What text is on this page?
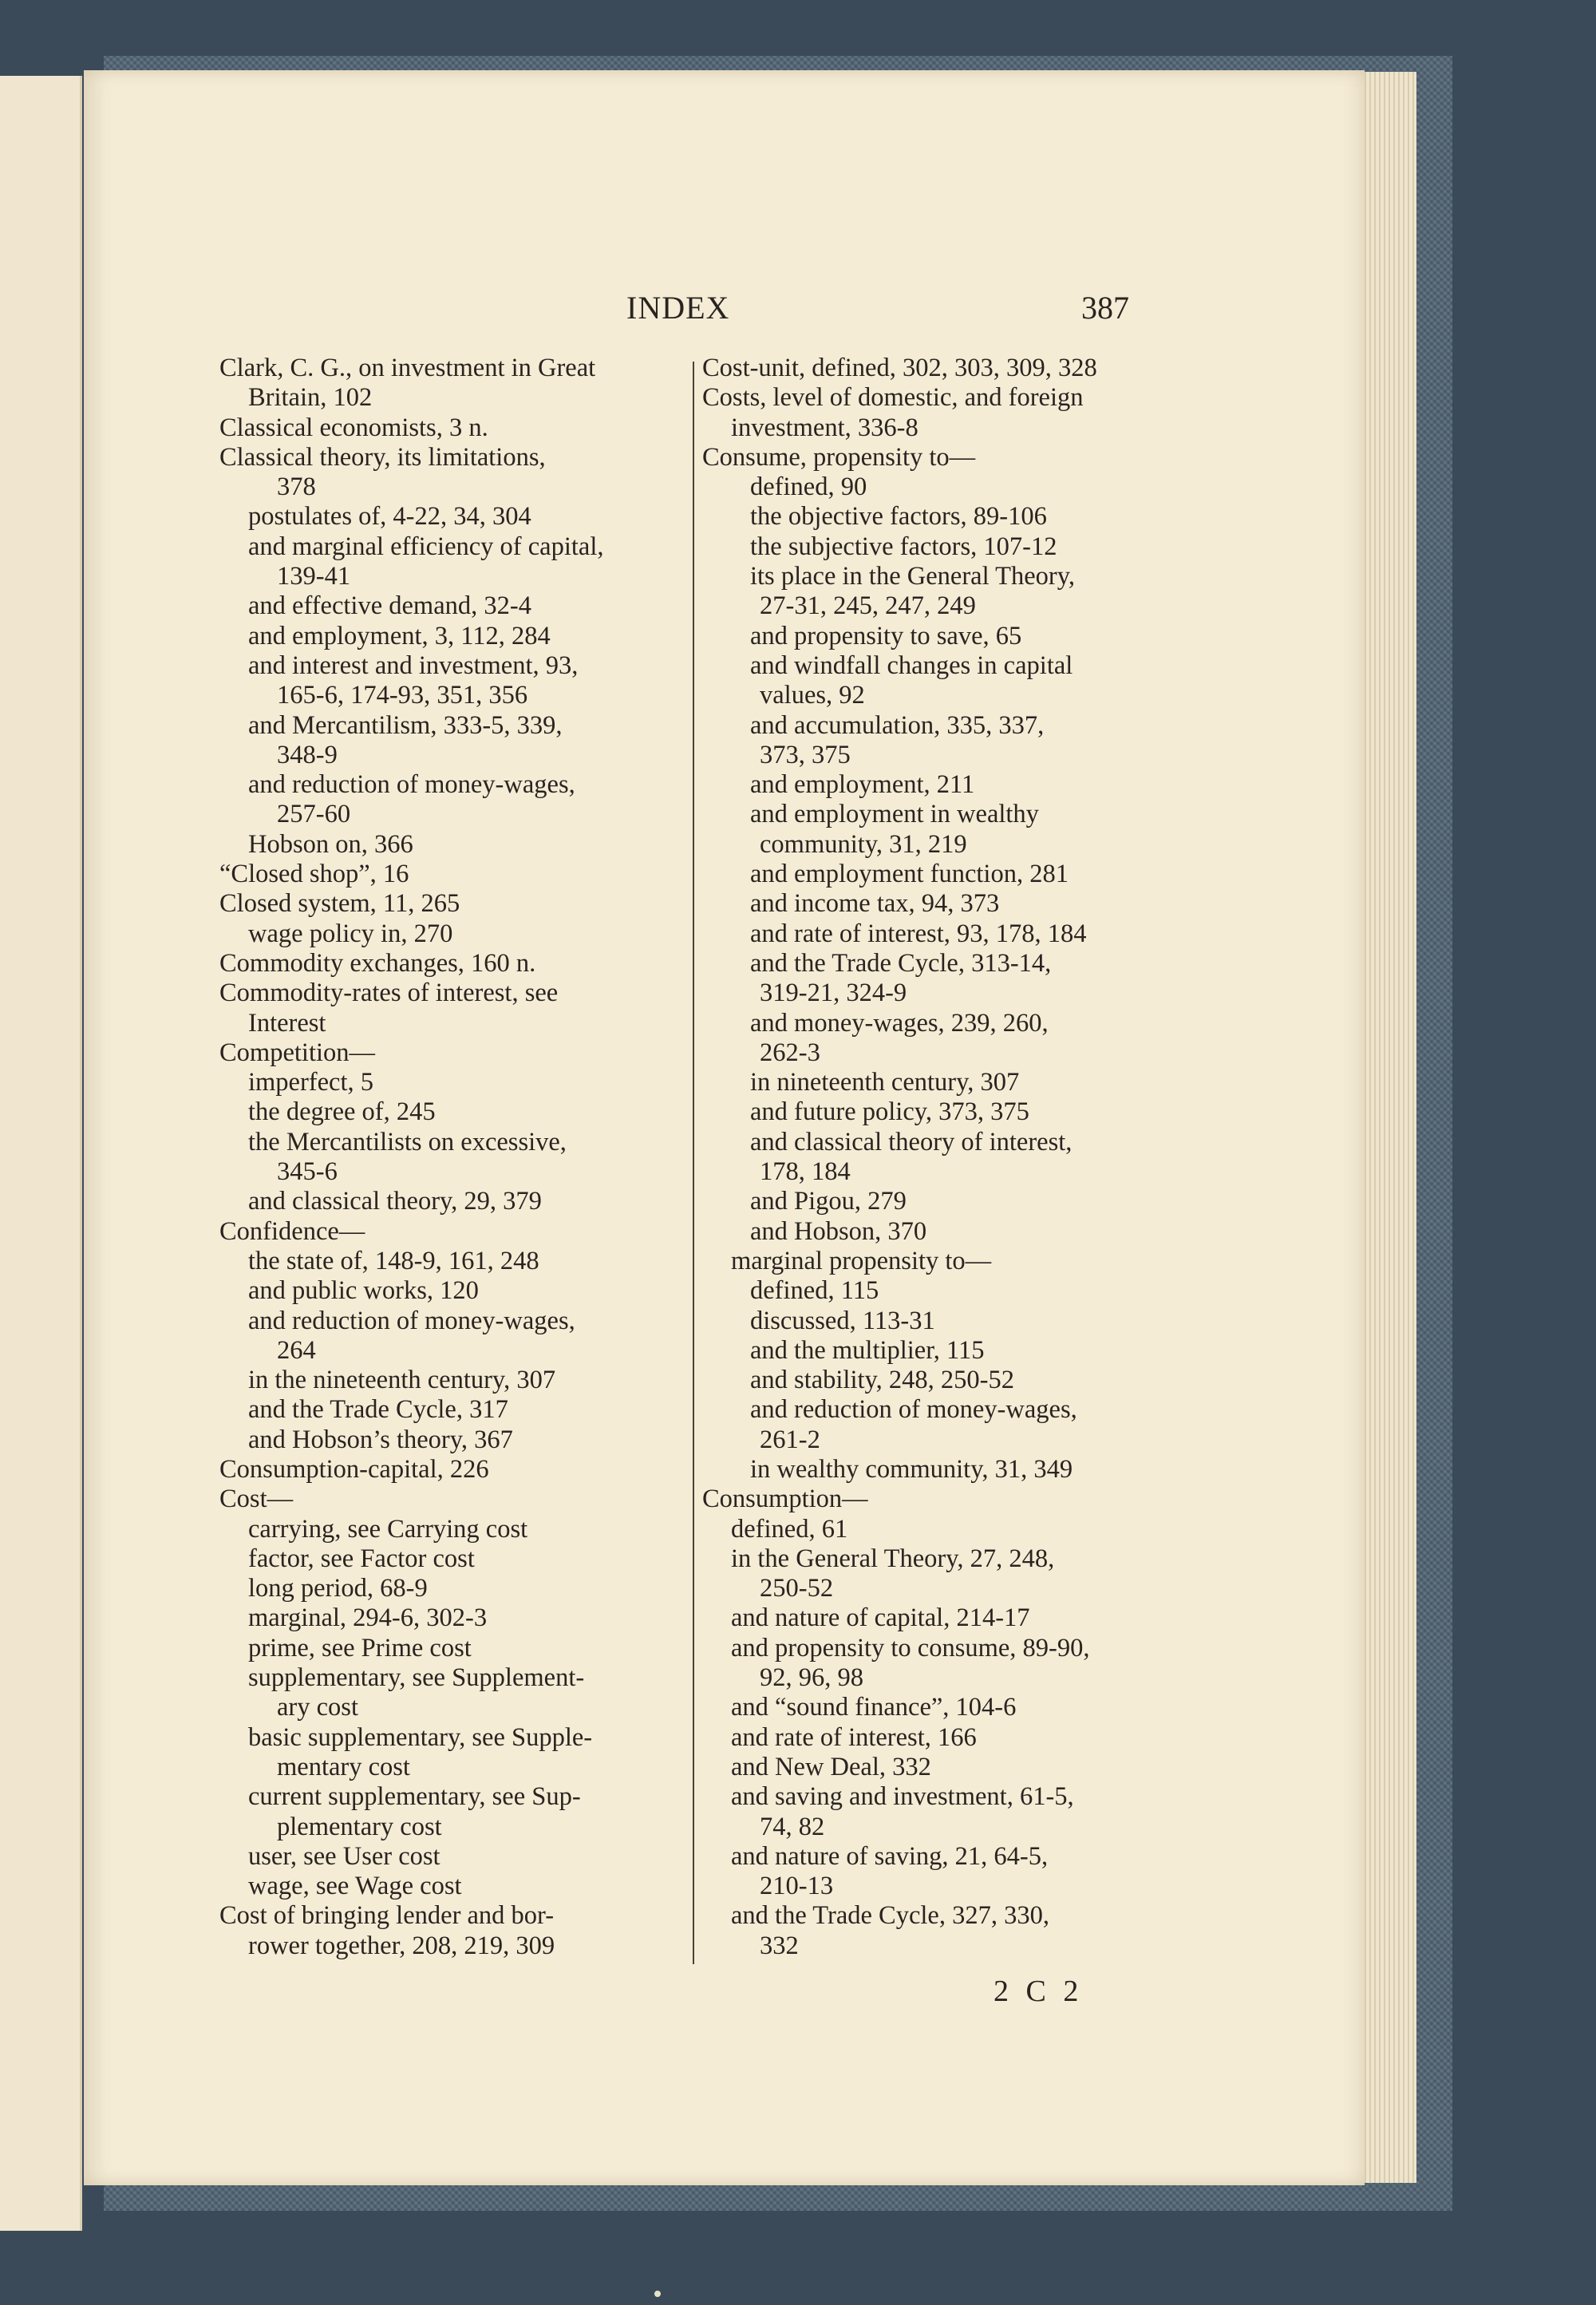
INDEX	387
Clark, C. G., on investment in Great
Britain, 102
Classical economists, 3 n.
Classical theory, its limitations,
378
postulates of, 4-22, 34, 304
and marginal efficiency of capital,
139-41
and effective demand, 32-4
and employment, 3, 112, 284
and interest and investment, 93,
165-6, 174-93, 351, 356
and Mercantilism, 333-5, 339,
348-9
and reduction of money-wages,
257-60
Hobson on, 366
“Closed shop”, 16
Closed system, 11, 265
wage policy in, 270
Commodity exchanges, 160 n.
Commodity-rates of interest, see
Interest
Competition—
imperfect, 5
the degree of, 245
the Mercantilists on excessive,
345-6
and classical theory, 29, 379
Confidence—
the state of, 148-9, 161, 248
and public works, 120
and reduction of money-wages,
264
in the nineteenth century, 307
and the Trade Cycle, 317
and Hobson’s theory, 367
Consumption-capital, 226
Cost—
carrying, see Carrying cost
factor, see Factor cost
long period, 68-9
marginal, 294-6, 302-3
prime, see Prime cost
supplementary, see Supplement-
ary cost
basic supplementary, see Supple-
mentary cost
current supplementary, see Sup-
plementary cost
user, see User cost
wage, see Wage cost
Cost of bringing lender and bor-
rower together, 208, 219, 309
Cost-unit, defined, 302, 303, 309, 328
Costs, level of domestic, and foreign
investment, 336-8
Consume, propensity to—
defined, 90
the objective factors, 89-106
the subjective factors, 107-12
its place in the General Theory,
27-31, 245, 247, 249
and propensity to save, 65
and windfall changes in capital
values, 92
and accumulation, 335, 337,
373, 375
and employment, 211
and employment in wealthy
community, 31, 219
and employment function, 281
and income tax, 94, 373
and rate of interest, 93, 178, 184
and the Trade Cycle, 313-14,
319-21, 324-9
and money-wages, 239, 260,
262-3
in nineteenth century, 307
and future policy, 373, 375
and classical theory of interest,
178, 184
and Pigou, 279
and Hobson, 370
marginal propensity to—
defined, 115
discussed, 113-31
and the multiplier, 115
and stability, 248, 250-52
and reduction of money-wages,
261-2
in wealthy community, 31, 349
Consumption—
defined, 61
in the General Theory, 27, 248,
250-52
and nature of capital, 214-17
and propensity to consume, 89-90,
92, 96, 98
and “sound finance”, 104-6
and rate of interest, 166
and New Deal, 332
and saving and investment, 61-5,
74, 82
and nature of saving, 21, 64-5,
210-13
and the Trade Cycle, 327, 330,
332
2 C 2
